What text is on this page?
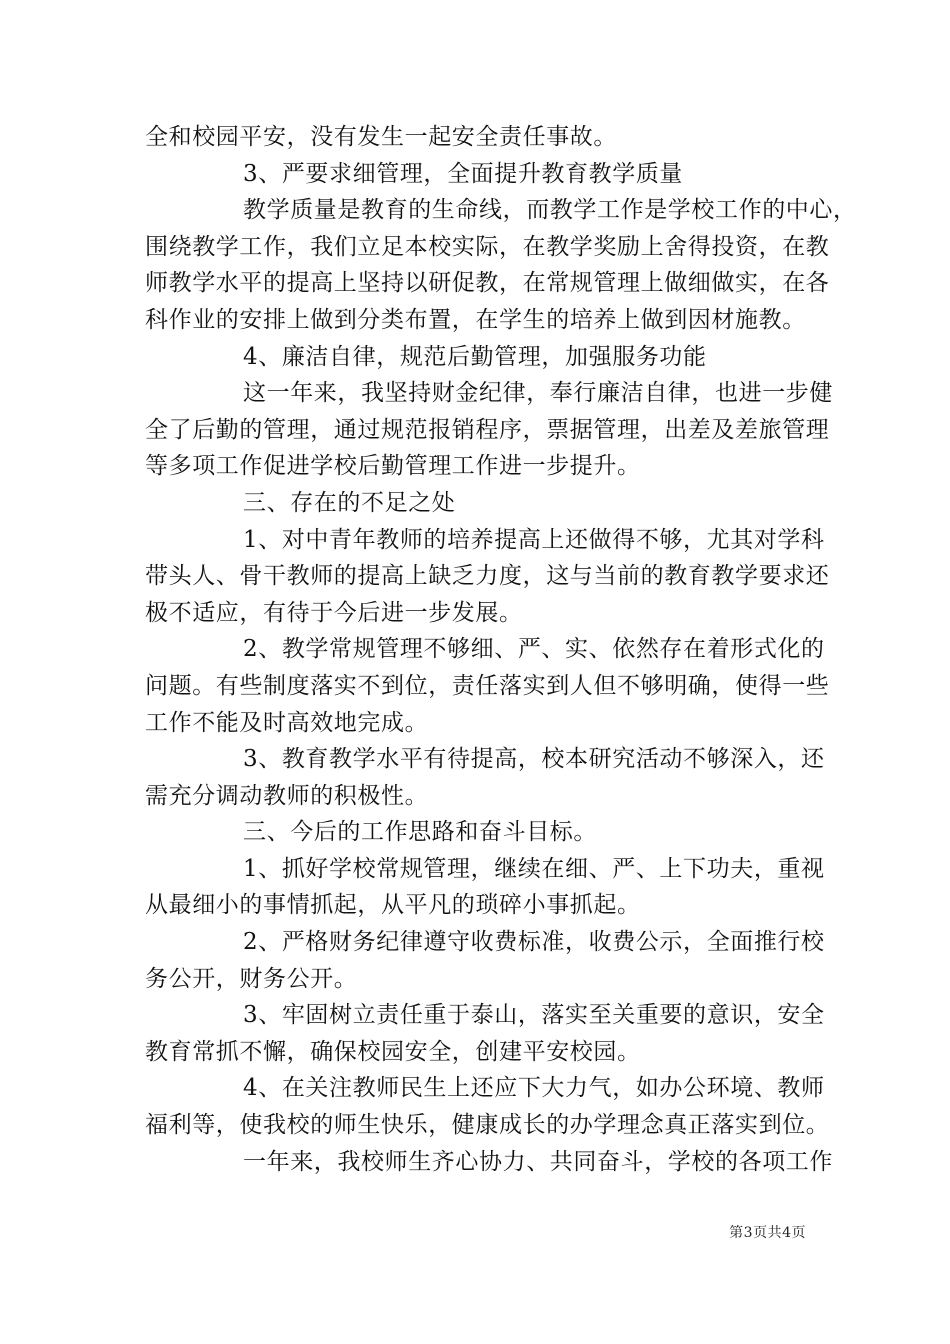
全和校园平安，没有发生一起安全责任事故。
3、严要求细管理，全面提升教育教学质量
教学质量是教育的生命线，而教学工作是学校工作的中心，
围绕教学工作，我们立足本校实际，在教学奖励上舍得投资，在教
师教学水平的提高上坚持以研促教，在常规管理上做细做实，在各
科作业的安排上做到分类布置，在学生的培养上做到因材施教。
4、廉洁自律，规范后勤管理，加强服务功能
这一年来，我坚持财金纪律，奉行廉洁自律，也进一步健
全了后勤的管理，通过规范报销程序，票据管理，出差及差旅管理
等多项工作促进学校后勤管理工作进一步提升。
三、存在的不足之处
1、对中青年教师的培养提高上还做得不够，尤其对学科
带头人、骨干教师的提高上缺乏力度，这与当前的教育教学要求还
极不适应，有待于今后进一步发展。
2、教学常规管理不够细、严、实、依然存在着形式化的
问题。有些制度落实不到位，责任落实到人但不够明确，使得一些
工作不能及时高效地完成。
3、教育教学水平有待提高，校本研究活动不够深入，还
需充分调动教师的积极性。
三、今后的工作思路和奋斗目标。
1、抓好学校常规管理，继续在细、严、上下功夫，重视
从最细小的事情抓起，从平凡的琐碎小事抓起。
2、严格财务纪律遵守收费标准，收费公示，全面推行校
务公开，财务公开。
3、牢固树立责任重于泰山，落实至关重要的意识，安全
教育常抓不懈，确保校园安全，创建平安校园。
4、在关注教师民生上还应下大力气，如办公环境、教师
福利等，使我校的师生快乐，健康成长的办学理念真正落实到位。
一年来，我校师生齐心协力、共同奋斗，学校的各项工作
第3页共4页
